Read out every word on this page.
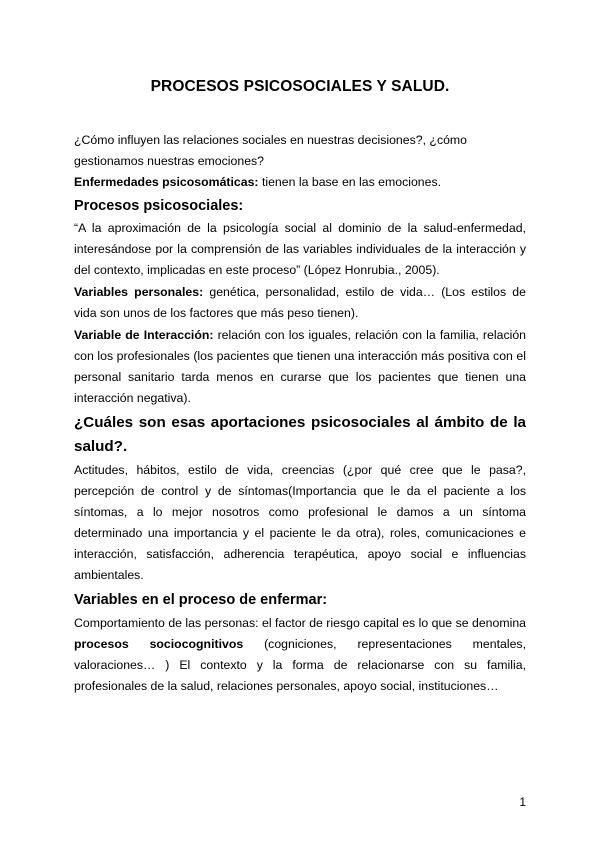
PROCESOS PSICOSOCIALES Y SALUD.

¿Cómo influyen las relaciones sociales en nuestras decisiones?, ¿cómo gestionamos nuestras emociones?

Enfermedades psicosomáticas: tienen la base en las emociones.

Procesos psicosociales:

“A la aproximación de la psicología social al dominio de la salud-enfermedad, interesándose por la comprensión de las variables individuales de la interacción y del contexto, implicadas en este proceso” (López Honrubia., 2005).

Variables personales: genética, personalidad, estilo de vida… (Los estilos de vida son unos de los factores que más peso tienen).

Variable de Interacción: relación con los iguales, relación con la familia, relación con los profesionales (los pacientes que tienen una interacción más positiva con el personal sanitario tarda menos en curarse que los pacientes que tienen una interacción negativa).

¿Cuáles son esas aportaciones psicosociales al ámbito de la salud?.

Actitudes, hábitos, estilo de vida, creencias (¿por qué cree que le pasa?, percepción de control y de síntomas(Importancia que le da el paciente a los síntomas, a lo mejor nosotros como profesional le damos a un síntoma determinado una importancia y el paciente le da otra), roles, comunicaciones e interacción, satisfacción, adherencia terapéutica, apoyo social e influencias ambientales.

Variables en el proceso de enfermar:

Comportamiento de las personas: el factor de riesgo capital es lo que se denomina procesos sociocognitivos (cogniciones, representaciones mentales, valoraciones… ) El contexto y la forma de relacionarse con su familia, profesionales de la salud, relaciones personales, apoyo social, instituciones…

1
